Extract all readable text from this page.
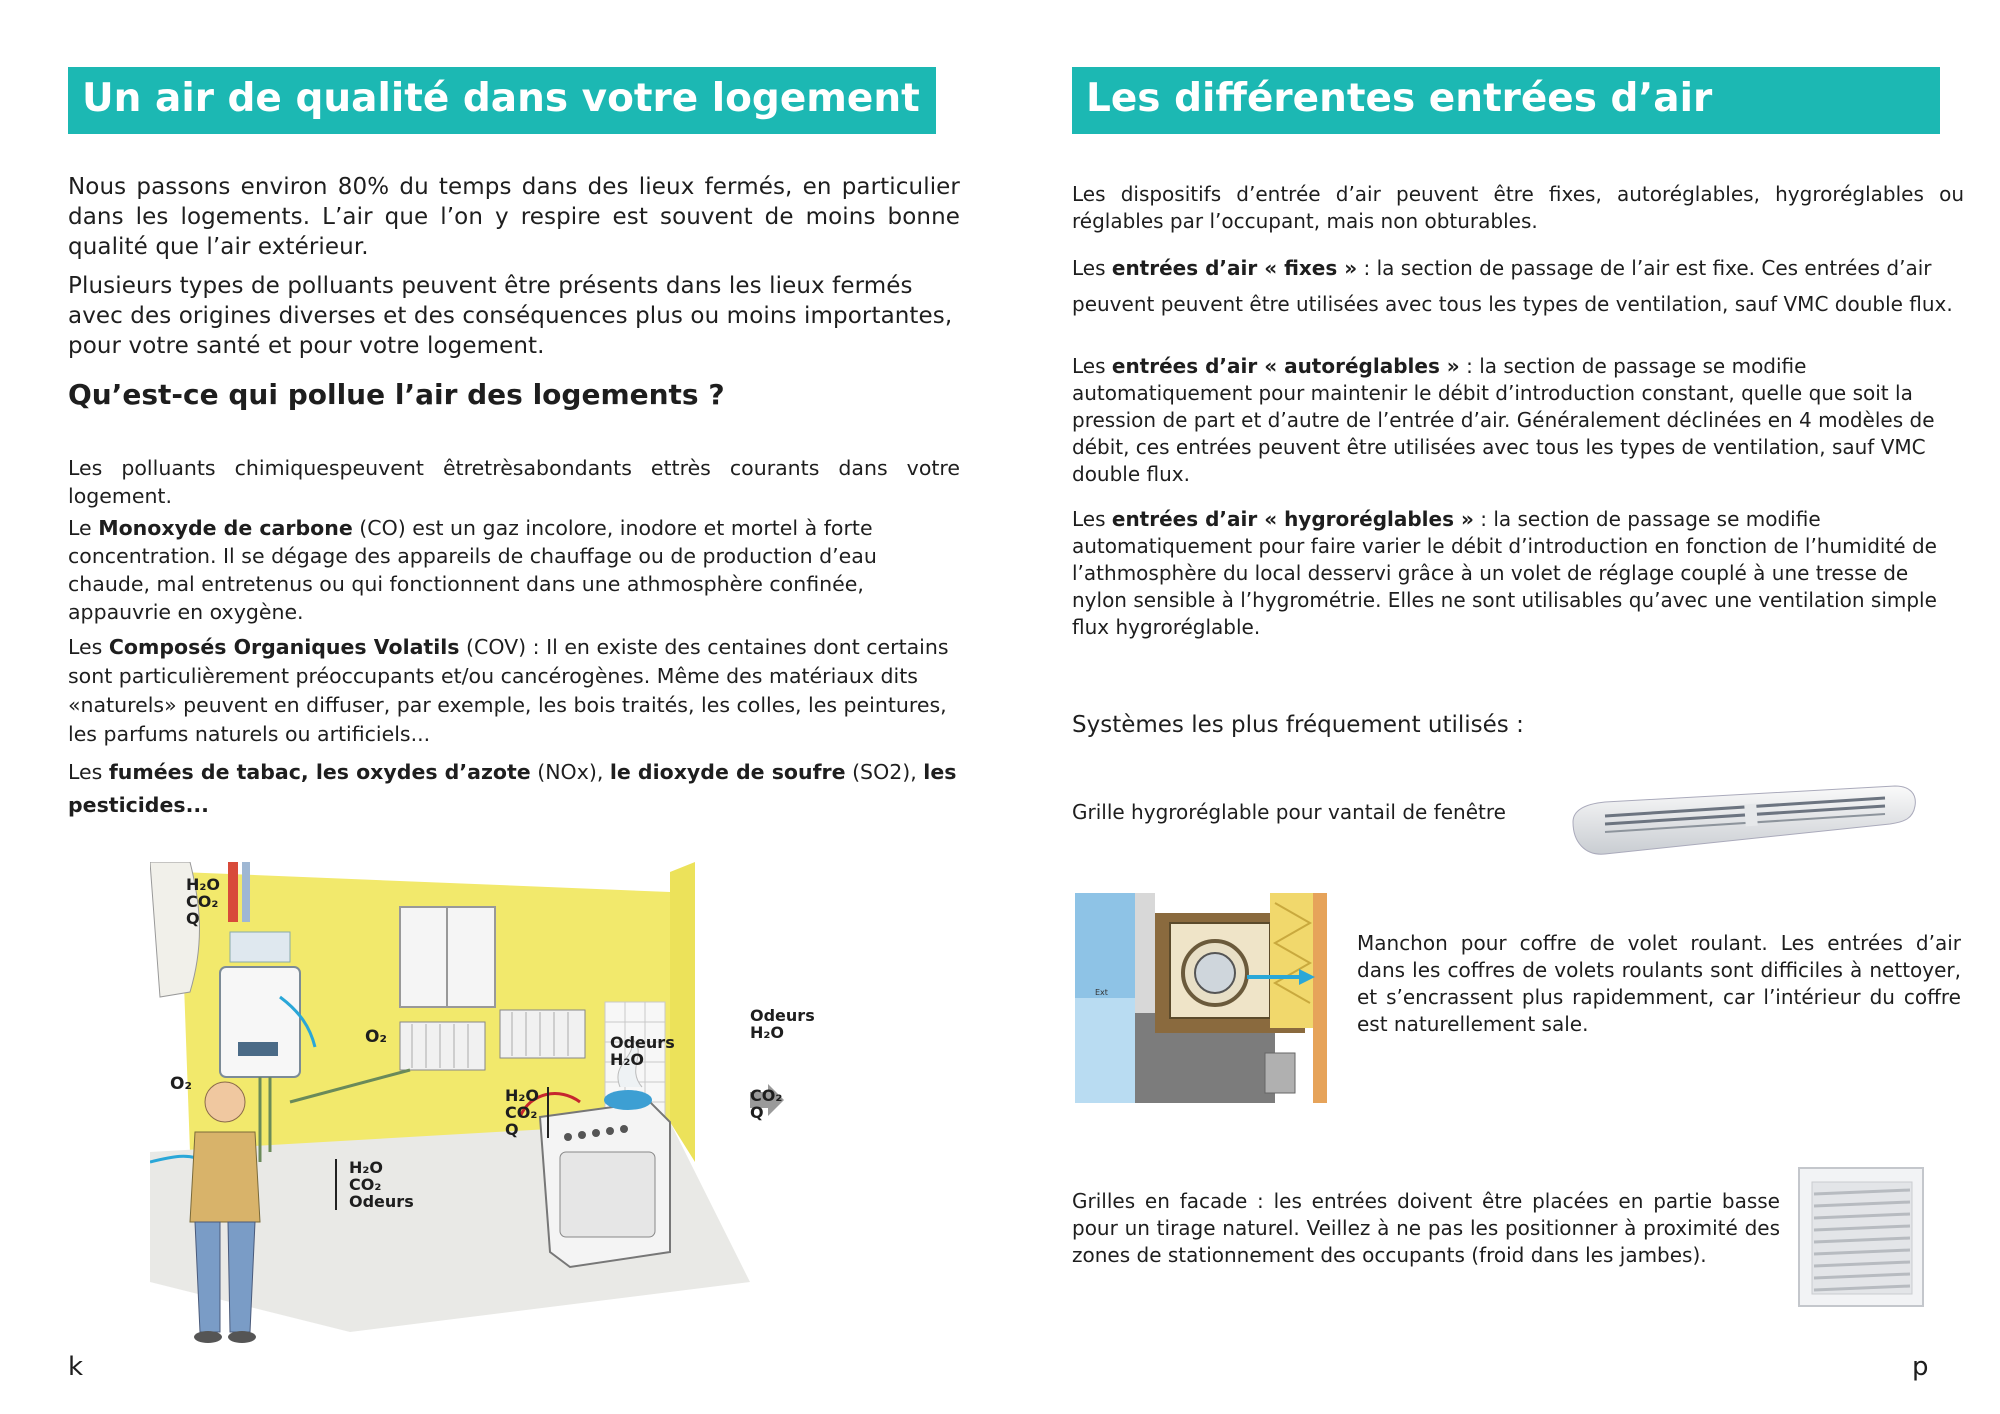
Un air de qualité dans votre logement

Nous passons environ 80% du temps dans des lieux fermés, en particulier dans les logements. L’air que l’on y respire est souvent de moins bonne qualité que l’air extérieur.

Plusieurs types de polluants peuvent être présents dans les lieux fermés avec des origines diverses et des conséquences plus ou moins importantes, pour votre santé et pour votre logement.

Qu’est-ce qui pollue l’air des logements ?

Les polluants chimiquespeuvent êtretrèsabondants ettrès courants dans votre logement.

Le Monoxyde de carbone (CO) est un gaz incolore, inodore et mortel à forte concentration. Il se dégage des appareils de chauffage ou de production d’eau chaude, mal entretenus ou qui fonctionnent dans une athmosphère confinée, appauvrie en oxygène.

Les Composés Organiques Volatils (COV) : Il en existe des centaines dont certains sont particulièrement préoccupants et/ou cancérogènes. Même des matériaux dits «naturels» peuvent en diffuser, par exemple, les bois traités, les colles, les peintures, les parfums naturels ou artificiels...

Les fumées de tabac, les oxydes d’azote (NOx), le dioxyde de soufre (SO2), les pesticides...

H₂O
CO₂
Q
O₂
O₂
H₂O
CO₂
Odeurs
H₂O
CO₂
Q
Odeurs
H₂O
Odeurs
H₂O
CO₂
Q
k
Les différentes entrées d’air

Les dispositifs d’entrée d’air peuvent être fixes, autoréglables, hygroréglables ou réglables par l’occupant, mais non obturables.

Les entrées d’air « fixes » : la section de passage de l’air est fixe. Ces entrées d’air peuvent peuvent être utilisées avec tous les types de ventilation, sauf VMC double flux.

Les entrées d’air « autoréglables » : la section de passage se modifie automatiquement pour maintenir le débit d’introduction constant, quelle que soit la pression de part et d’autre de l’entrée d’air. Généralement déclinées en 4 modèles de débit, ces entrées peuvent être utilisées avec tous les types de ventilation, sauf VMC double flux.

Les entrées d’air « hygroréglables » : la section de passage se modifie automatiquement pour faire varier le débit d’introduction en fonction de l’humidité de l’athmosphère du local desservi grâce à un volet de réglage couplé à une tresse de nylon sensible à l’hygrométrie. Elles ne sont utilisables qu’avec une ventilation simple flux hygroréglable.

Systèmes les plus fréquement utilisés :
Grille hygroréglable pour vantail de fenêtre
Ext

Manchon pour coffre de volet roulant. Les entrées d’air dans les coffres de volets roulants sont difficiles à nettoyer, et s’encrassent plus rapidemment, car l’intérieur du coffre est naturellement sale.

Grilles en facade : les entrées doivent être placées en partie basse pour un tirage naturel. Veillez à ne pas les positionner à proximité des zones de stationnement des occupants (froid dans les jambes).

p
